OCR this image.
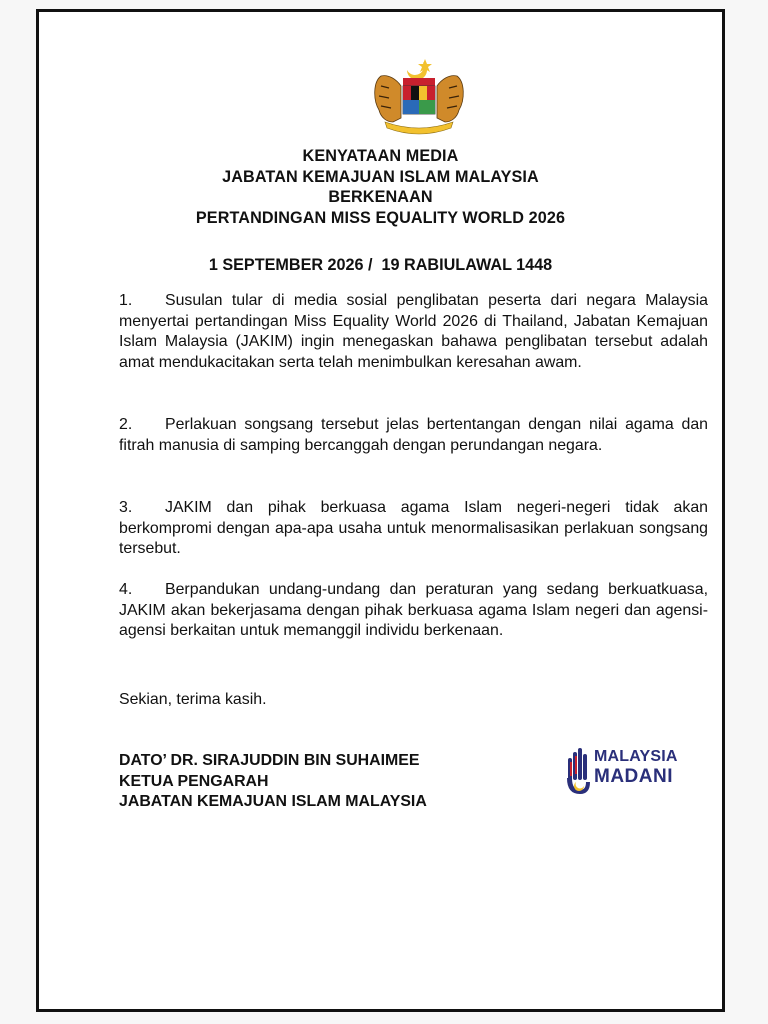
KENYATAAN MEDIA
JABATAN KEMAJUAN ISLAM MALAYSIA
BERKENAAN
PERTANDINGAN MISS EQUALITY WORLD 2026
1 SEPTEMBER 2026 /  19 RABIULAWAL 1448

1. Susulan tular di media sosial penglibatan peserta dari negara Malaysia menyertai pertandingan Miss Equality World 2026 di Thailand, Jabatan Kemajuan Islam Malaysia (JAKIM) ingin menegaskan bahawa penglibatan tersebut adalah amat mendukacitakan serta telah menimbulkan keresahan awam.

2. Perlakuan songsang tersebut jelas bertentangan dengan nilai agama dan fitrah manusia di samping bercanggah dengan perundangan negara.

3. JAKIM dan pihak berkuasa agama Islam negeri-negeri tidak akan berkompromi dengan apa-apa usaha untuk menormalisasikan perlakuan songsang tersebut.

4. Berpandukan undang-undang dan peraturan yang sedang berkuatkuasa, JAKIM akan bekerjasama dengan pihak berkuasa agama Islam negeri dan agensi-agensi berkaitan untuk memanggil individu berkenaan.

Sekian, terima kasih.
DATO’ DR. SIRAJUDDIN BIN SUHAIMEE
KETUA PENGARAH
JABATAN KEMAJUAN ISLAM MALAYSIA
MALAYSIA
MADANI
